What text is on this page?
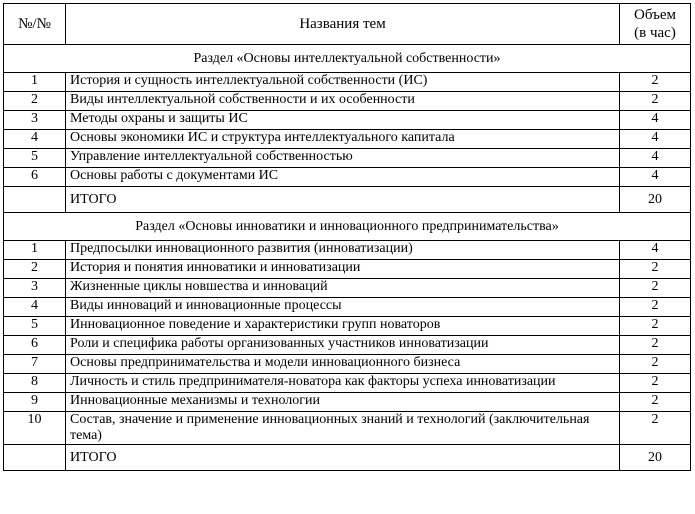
№/№	Названия тем	Объем
(в час)
Раздел «Основы интеллектуальной собственности»		
1	История и сущность интеллектуальной собственности (ИС)	2
2	Виды интеллектуальной собственности и их особенности	2
3	Методы охраны и защиты ИС	4
4	Основы экономики ИС и структура интеллектуального капитала	4
5	Управление интеллектуальной собственностью	4
6	Основы работы с документами ИС	4
	ИТОГО	20
Раздел «Основы инноватики и инновационного предпринимательства»		
1	Предпосылки инновационного развития (инноватизации)	4
2	История и понятия инноватики и инноватизации	2
3	Жизненные циклы новшества и инноваций	2
4	Виды инноваций и инновационные процессы	2
5	Инновационное поведение и характеристики групп новаторов	2
6	Роли и специфика работы организованных участников инноватизации	2
7	Основы предпринимательства и модели инновационного бизнеса	2
8	Личность и стиль предпринимателя-новатора как факторы успеха инноватизации	2
9	Инновационные механизмы и технологии	2
10	Состав, значение и применение инновационных знаний и технологий (заключительная тема)	2
	ИТОГО	20
